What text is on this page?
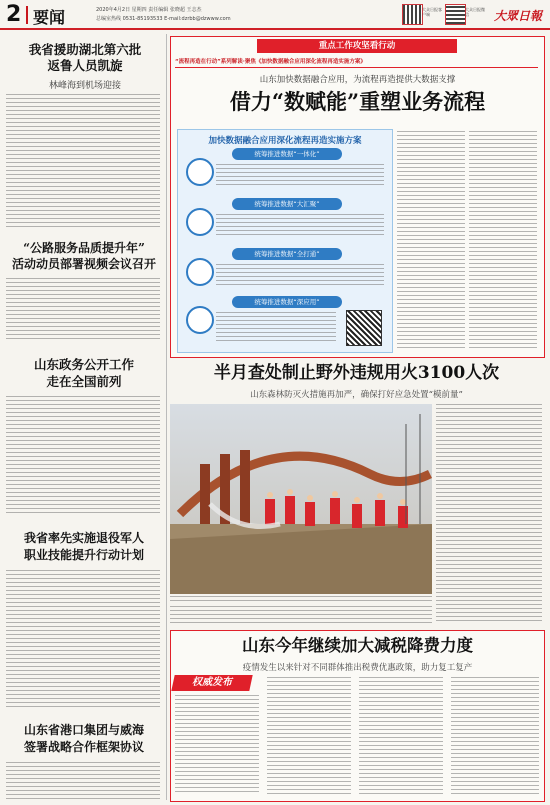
2 要闻	2020年4月2日 星期四 责任编辑 张晓超 王志杰
总编室热线 0531-85193533 E-mail:dzrbb@dzwww.com
大众日报客户端
大众日报微信	大眾日報
我省援助湖北第六批
返鲁人员凯旋
林峰海到机场迎接
“公路服务品质提升年”
活动动员部署视频会议召开
山东政务公开工作
走在全国前列
我省率先实施退役军人
职业技能提升行动计划
山东省港口集团与威海
签署战略合作框架协议
重点工作攻坚看行动
“流程再造在行动”系列解读·聚焦《加快数据融合应用深化流程再造实施方案》
山东加快数据融合应用，为流程再造提供大数据支撑
借力“数赋能”重塑业务流程
加快数据融合应用深化流程再造实施方案
统筹推进数据“一体化”
统筹推进数据“大汇聚”
统筹推进数据“全打通”
统筹推进数据“深应用”
半月查处制止野外违规用火3100人次
山东森林防灭火措施再加严，确保打好应急处置“模前量”
山东今年继续加大减税降费力度
疫情发生以来针对不同群体推出税费优惠政策，助力复工复产
权威发布
